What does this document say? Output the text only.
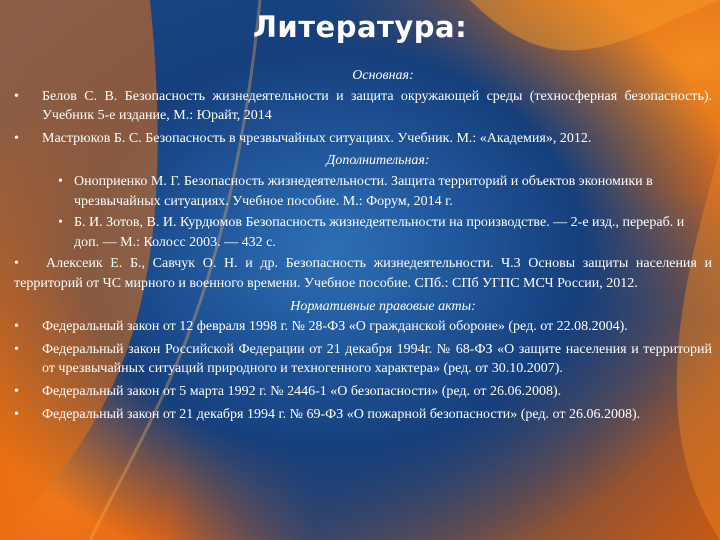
Литература:
Основная:
• Белов С. В. Безопасность жизнедеятельности и защита окружающей среды (техносферная безопасность). Учебник 5-е издание, М.: Юрайт, 2014
• Мастрюков Б. С. Безопасность в чрезвычайных ситуациях. Учебник. М.: «Академия», 2012.
Дополнительная:
• Оноприенко М. Г. Безопасность жизнедеятельности. Защита территорий и объектов экономики в чрезвычайных ситуациях. Учебное пособие. М.: Форум, 2014 г.
• Б. И. Зотов, В. И. Курдюмов Безопасность жизнедеятельности на производстве. — 2-е изд., перераб. и доп. — М.: Колосс 2003. — 432 с.
•	Алексеик Е. Б., Савчук О. Н. и др. Безопасность жизнедеятельности. Ч.3 Основы защиты населения и территорий от ЧС мирного и военного времени. Учебное пособие. СПб.: СПб УГПС МСЧ России, 2012.
Нормативные правовые акты:
• Федеральный закон от 12 февраля 1998 г. № 28-ФЗ «О гражданской обороне» (ред. от 22.08.2004).
• Федеральный закон Российской Федерации от 21 декабря 1994г. № 68-ФЗ «О защите населения и территорий от чрезвычайных ситуаций природного и техногенного характера» (ред. от 30.10.2007).
• Федеральный закон от 5 марта 1992 г. № 2446-1 «О безопасности» (ред. от 26.06.2008).
• Федеральный закон от 21 декабря 1994 г. № 69-ФЗ «О пожарной безопасности» (ред. от 26.06.2008).
